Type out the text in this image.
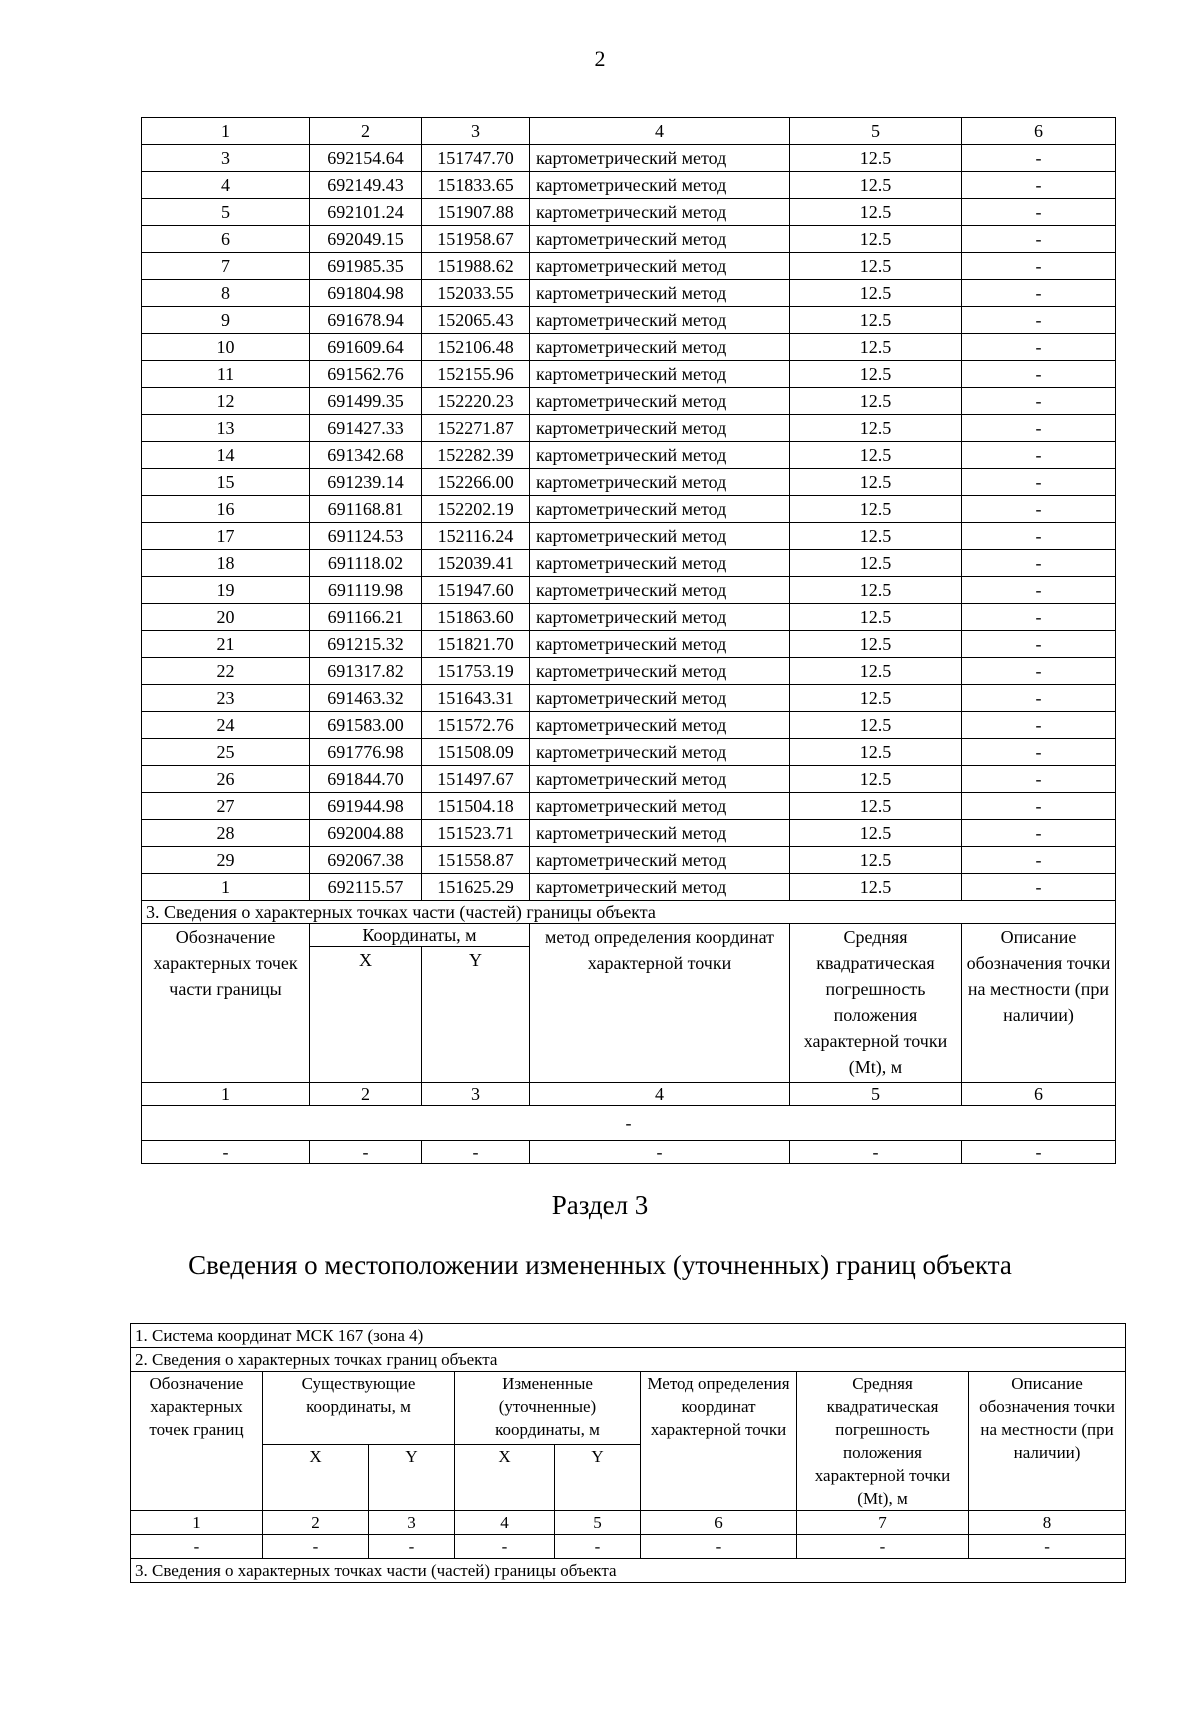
2
1	2	3	4	5	6
3	692154.64	151747.70	картометрический метод	12.5	-
4	692149.43	151833.65	картометрический метод	12.5	-
5	692101.24	151907.88	картометрический метод	12.5	-
6	692049.15	151958.67	картометрический метод	12.5	-
7	691985.35	151988.62	картометрический метод	12.5	-
8	691804.98	152033.55	картометрический метод	12.5	-
9	691678.94	152065.43	картометрический метод	12.5	-
10	691609.64	152106.48	картометрический метод	12.5	-
11	691562.76	152155.96	картометрический метод	12.5	-
12	691499.35	152220.23	картометрический метод	12.5	-
13	691427.33	152271.87	картометрический метод	12.5	-
14	691342.68	152282.39	картометрический метод	12.5	-
15	691239.14	152266.00	картометрический метод	12.5	-
16	691168.81	152202.19	картометрический метод	12.5	-
17	691124.53	152116.24	картометрический метод	12.5	-
18	691118.02	152039.41	картометрический метод	12.5	-
19	691119.98	151947.60	картометрический метод	12.5	-
20	691166.21	151863.60	картометрический метод	12.5	-
21	691215.32	151821.70	картометрический метод	12.5	-
22	691317.82	151753.19	картометрический метод	12.5	-
23	691463.32	151643.31	картометрический метод	12.5	-
24	691583.00	151572.76	картометрический метод	12.5	-
25	691776.98	151508.09	картометрический метод	12.5	-
26	691844.70	151497.67	картометрический метод	12.5	-
27	691944.98	151504.18	картометрический метод	12.5	-
28	692004.88	151523.71	картометрический метод	12.5	-
29	692067.38	151558.87	картометрический метод	12.5	-
1	692115.57	151625.29	картометрический метод	12.5	-
3. Сведения о характерных точках части (частей) границы объекта					
Обозначение характерных точек части границы	Координаты, м		метод определения координат характерной точки	Средняя квадратическая погрешность положения характерной точки (Mt), м	Описание обозначения точки на местности (при наличии)
	X	Y			
1	2	3	4	5	6
-					
-	-	-	-	-	-
Раздел 3
Сведения о местоположении измененных (уточненных) границ объекта
1. Система координат МСК 167 (зона 4)							
2. Сведения о характерных точках границ объекта							
Обозначение характерных точек границ	Существующие координаты, м		Измененные (уточненные) координаты, м		Метод определения координат характерной точки	Средняя квадратическая погрешность положения характерной точки (Mt), м	Описание обозначения точки на местности (при наличии)
	X	Y	X	Y			
1	2	3	4	5	6	7	8
-	-	-	-	-	-	-	-
3. Сведения о характерных точках части (частей) границы объекта							
